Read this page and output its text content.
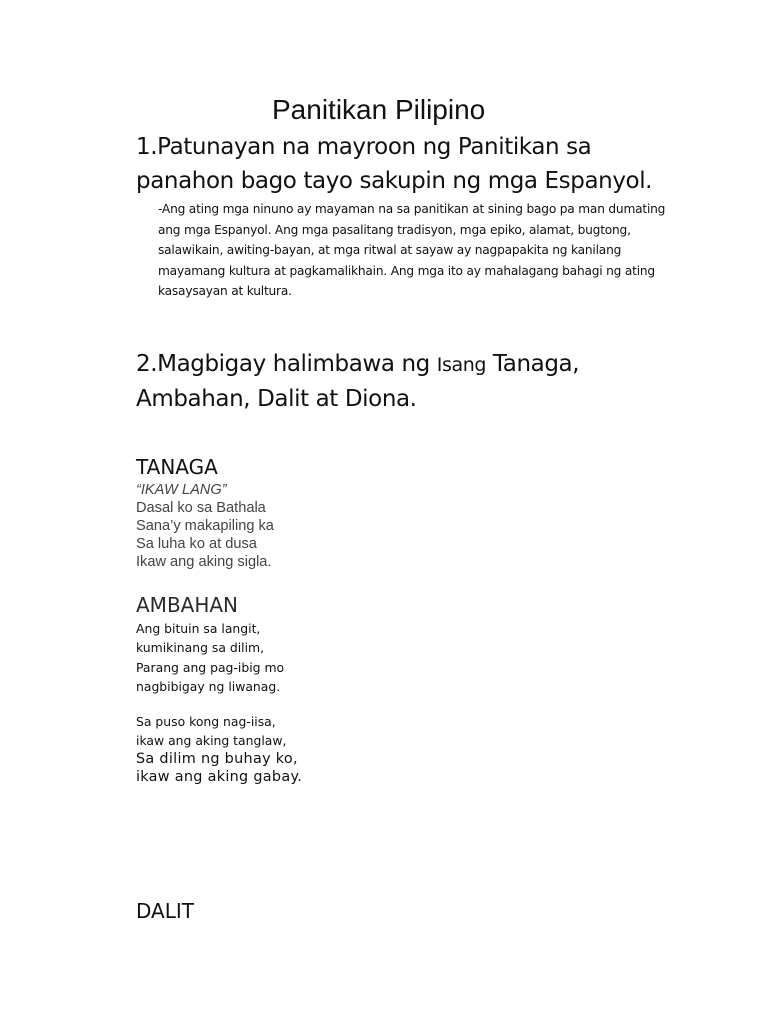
Panitikan Pilipino
1.Patunayan na mayroon ng Panitikan sa
panahon bago tayo sakupin ng mga Espanyol.
-Ang ating mga ninuno ay mayaman na sa panitikan at sining bago pa man dumating
ang mga Espanyol. Ang mga pasalitang tradisyon, mga epiko, alamat, bugtong,
salawikain, awiting-bayan, at mga ritwal at sayaw ay nagpapakita ng kanilang
mayamang kultura at pagkamalikhain. Ang mga ito ay mahalagang bahagi ng ating
kasaysayan at kultura.
2.Magbigay halimbawa ng Isang Tanaga,
Ambahan, Dalit at Diona.
TANAGA
“IKAW LANG”
Dasal ko sa Bathala
Sana’y makapiling ka
Sa luha ko at dusa
Ikaw ang aking sigla.
AMBAHAN
Ang bituin sa langit,
kumikinang sa dilim,
Parang ang pag-ibig mo
nagbibigay ng liwanag.
Sa puso kong nag-iisa,
ikaw ang aking tanglaw,
Sa dilim ng buhay ko,
ikaw ang aking gabay.
DALIT
